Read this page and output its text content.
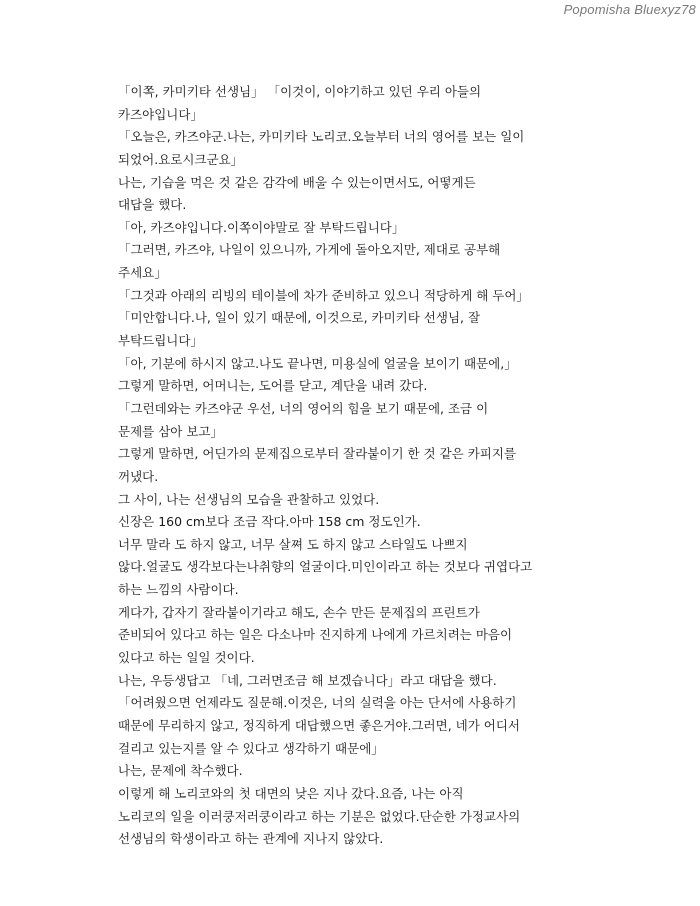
Popomisha Bluexyz78
「이쪽, 카미키타 선생님」 「이것이, 이야기하고 있던 우리 아들의
카즈야입니다」
「오늘은, 카즈야군.나는, 카미키타 노리코.오늘부터 너의 영어를 보는 일이
되었어.요로시크군요」
나는, 기습을 먹은 것 같은 감각에 배울 수 있는이면서도, 어떻게든
대답을 했다.
「아, 카즈야입니다.이쪽이야말로 잘 부탁드립니다」
「그러면, 카즈야, 나일이 있으니까, 가게에 돌아오지만, 제대로 공부해
주세요」
「그것과 아래의 리빙의 테이블에 차가 준비하고 있으니 적당하게 해 두어」
「미안합니다.나, 일이 있기 때문에, 이것으로, 카미키타 선생님, 잘
부탁드립니다」
「아, 기분에 하시지 않고.나도 끝나면, 미용실에 얼굴을 보이기 때문에,」
그렇게 말하면, 어머니는, 도어를 닫고, 계단을 내려 갔다.
「그런데와는 카즈야군 우선, 너의 영어의 힘을 보기 때문에, 조금 이
문제를 삼아 보고」
그렇게 말하면, 어딘가의 문제집으로부터 잘라붙이기 한 것 같은 카피지를
꺼냈다.
그 사이, 나는 선생님의 모습을 관찰하고 있었다.
신장은 160 cm보다 조금 작다.아마 158 cm 정도인가.
너무 말라 도 하지 않고, 너무 살쪄 도 하지 않고 스타일도 나쁘지
않다.얼굴도 생각보다는나취향의 얼굴이다.미인이라고 하는 것보다 귀엽다고
하는 느낌의 사람이다.
게다가, 갑자기 잘라붙이기라고 해도, 손수 만든 문제집의 프린트가
준비되어 있다고 하는 일은 다소나마 진지하게 나에게 가르치려는 마음이
있다고 하는 일일 것이다.
나는, 우등생답고 「네, 그러면조금 해 보겠습니다」라고 대답을 했다.
「어려웠으면 언제라도 질문해.이것은, 너의 실력을 아는 단서에 사용하기
때문에 무리하지 않고, 정직하게 대답했으면 좋은거야.그러면, 네가 어디서
걸리고 있는지를 알 수 있다고 생각하기 때문에」
나는, 문제에 착수했다.
이렇게 해 노리코와의 첫 대면의 낮은 지나 갔다.요즘, 나는 아직
노리코의 일을 이러쿵저러쿵이라고 하는 기분은 없었다.단순한 가정교사의
선생님의 학생이라고 하는 관계에 지나지 않았다.
